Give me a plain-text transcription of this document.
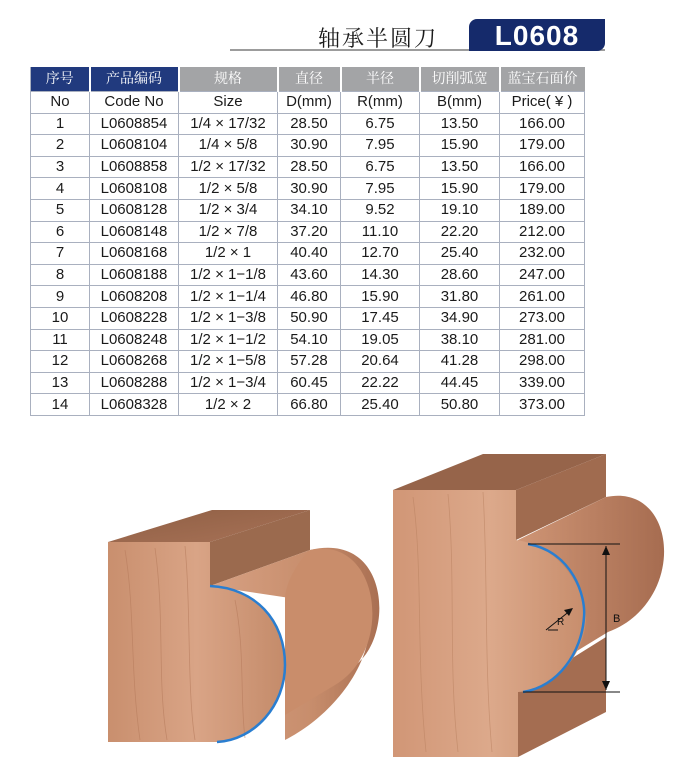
轴承半圆刀	L0608
序号	产品编码	规格	直径	半径	切削弧宽	蓝宝石面价
No	Code No	Size	D(mm)	R(mm)	B(mm)	Price( ¥ )
1	L0608854	1/4 × 17/32	28.50	6.75	13.50	166.00
2	L0608104	1/4 × 5/8	30.90	7.95	15.90	179.00
3	L0608858	1/2 × 17/32	28.50	6.75	13.50	166.00
4	L0608108	1/2 × 5/8	30.90	7.95	15.90	179.00
5	L0608128	1/2 × 3/4	34.10	9.52	19.10	189.00
6	L0608148	1/2 × 7/8	37.20	11.10	22.20	212.00
7	L0608168	1/2 × 1	40.40	12.70	25.40	232.00
8	L0608188	1/2 × 1−1/8	43.60	14.30	28.60	247.00
9	L0608208	1/2 × 1−1/4	46.80	15.90	31.80	261.00
10	L0608228	1/2 × 1−3/8	50.90	17.45	34.90	273.00
11	L0608248	1/2 × 1−1/2	54.10	19.05	38.10	281.00
12	L0608268	1/2 × 1−5/8	57.28	20.64	41.28	298.00
13	L0608288	1/2 × 1−3/4	60.45	22.22	44.45	339.00
14	L0608328	1/2 × 2	66.80	25.40	50.80	373.00
R	B
